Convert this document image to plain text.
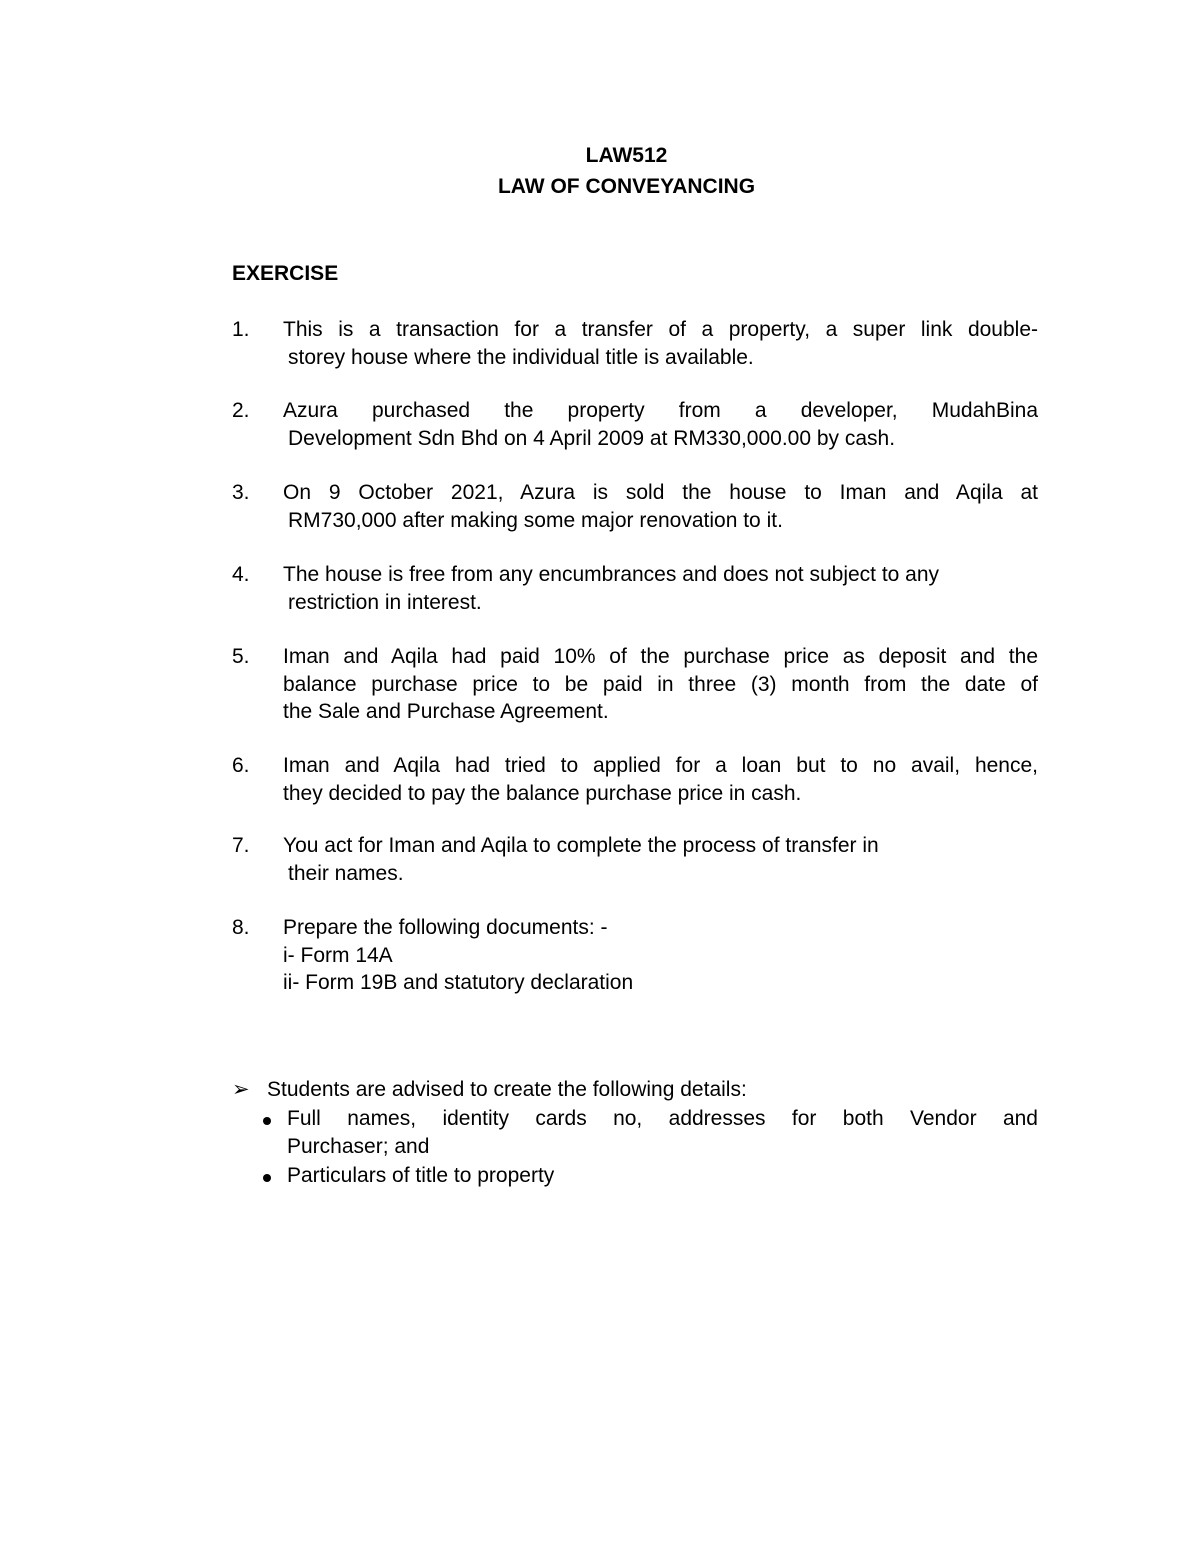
LAW512
LAW OF CONVEYANCING
EXERCISE
1. This is a transaction for a transfer of a property, a super link double-
storey house where the individual title is available.
2. Azura purchased the property from a developer, MudahBina
Development Sdn Bhd on 4 April 2009 at RM330,000.00 by cash.
3. On 9 October 2021, Azura is sold the house to Iman and Aqila at
RM730,000 after making some major renovation to it.
4. The house is free from any encumbrances and does not subject to any
restriction in interest.
5. Iman and Aqila had paid 10% of the purchase price as deposit and the
balance purchase price to be paid in three (3) month from the date of
the Sale and Purchase Agreement.
6. Iman and Aqila had tried to applied for a loan but to no avail, hence,
they decided to pay the balance purchase price in cash.
7. You act for Iman and Aqila to complete the process of transfer in
their names.
8. Prepare the following documents: -
i- Form 14A
ii- Form 19B and statutory declaration
➢ Students are advised to create the following details:
Full names, identity cards no, addresses for both Vendor and
Purchaser; and
Particulars of title to property
